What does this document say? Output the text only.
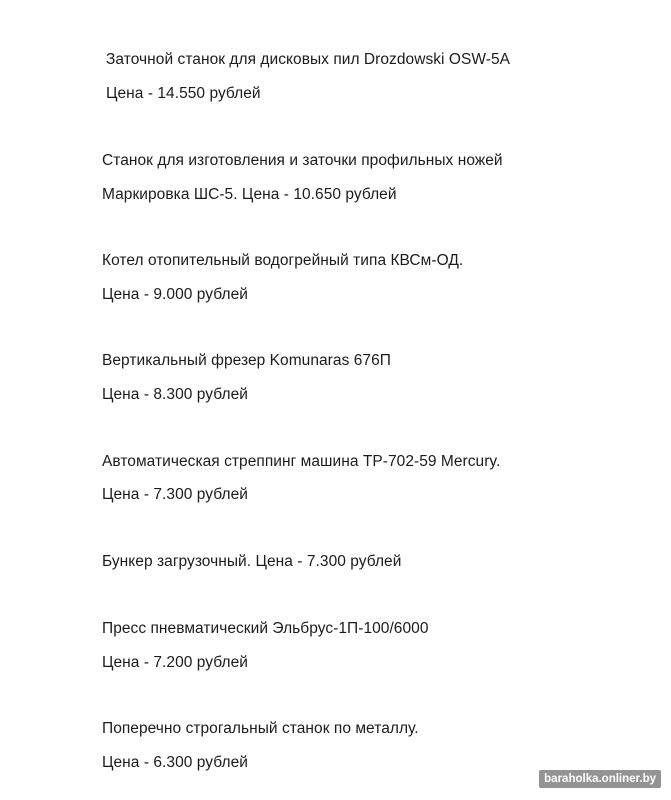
Заточной станок для дисковых пил Drozdowski OSW-5A
Цена - 14.550 рублей
Станок для изготовления и заточки профильных ножей
Маркировка ШС-5. Цена - 10.650 рублей
Котел отопительный водогрейный типа КВСм-ОД.
Цена - 9.000 рублей
Вертикальный фрезер Komunaras 676П
Цена - 8.300 рублей
Автоматическая стреппинг машина TP-702-59 Mercury.
Цена - 7.300 рублей
Бункер загрузочный. Цена - 7.300 рублей
Пресс пневматический Эльбрус-1П-100/6000
Цена - 7.200 рублей
Поперечно строгальный станок по металлу.
Цена - 6.300 рублей
baraholka.onliner.by
